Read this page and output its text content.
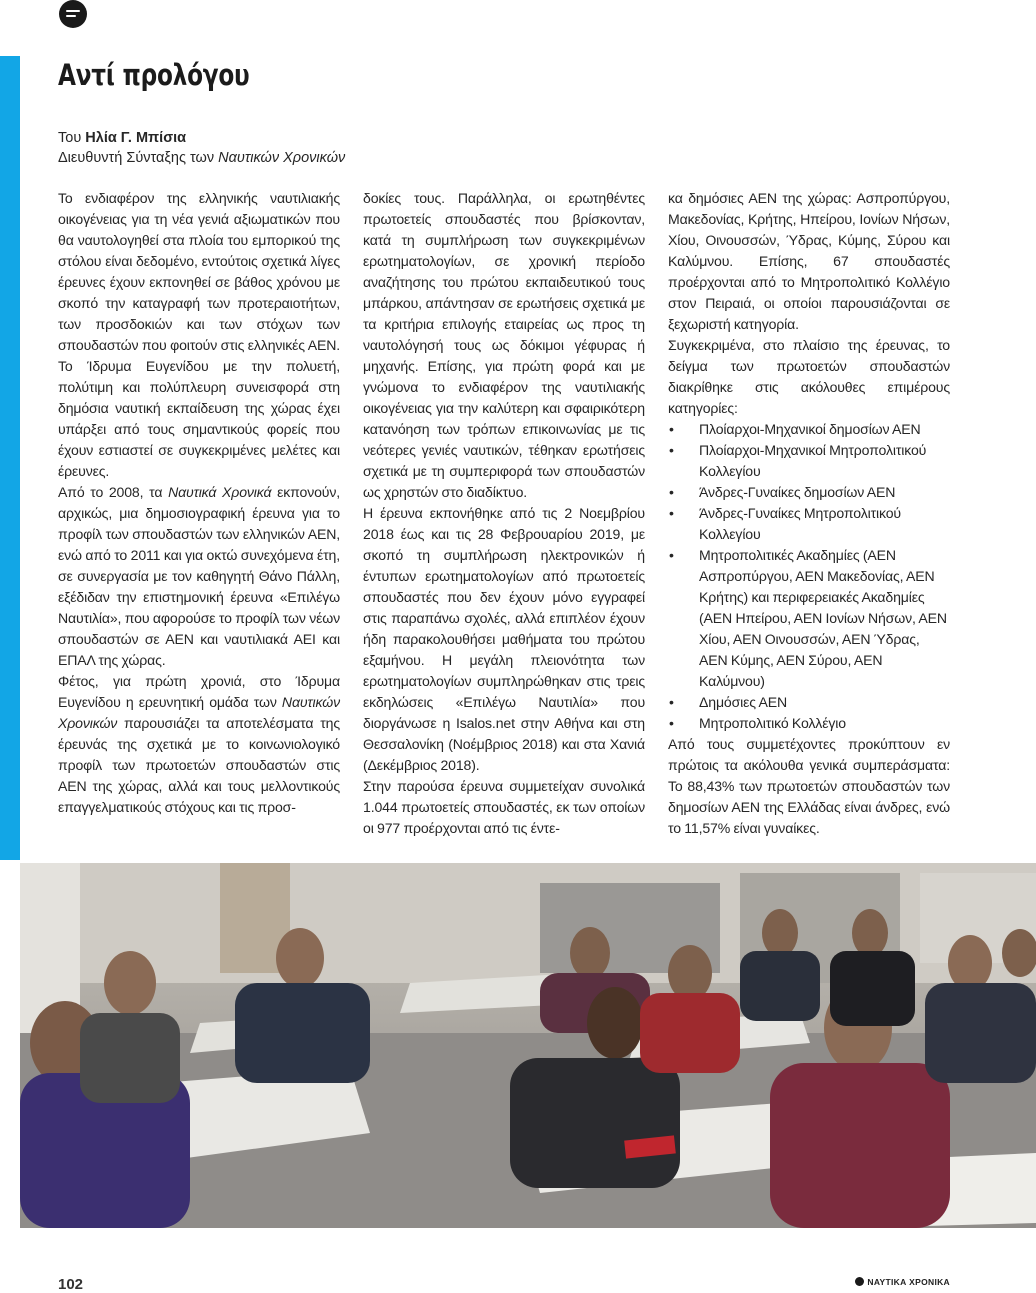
Αντί προλόγου
Του Ηλία Γ. Μπίσια
Διευθυντή Σύνταξης των Ναυτικών Χρονικών

Το ενδιαφέρον της ελληνικής ναυτιλιακής οικογένειας για τη νέα γενιά αξιωματικών που θα ναυτολογηθεί στα πλοία του εμπορικού της στόλου είναι δεδομένο, εντούτοις σχετικά λίγες έρευνες έχουν εκπονηθεί σε βάθος χρόνου με σκοπό την καταγραφή των προτεραιοτήτων, των προσδοκιών και των στόχων των σπουδαστών που φοιτούν στις ελληνικές ΑΕΝ. Το Ίδρυμα Ευγενίδου με την πολυετή, πολύτιμη και πολύπλευρη συνεισφορά στη δημόσια ναυτική εκπαίδευση της χώρας έχει υπάρξει από τους σημαντικούς φορείς που έχουν εστιαστεί σε συγκεκριμένες μελέτες και έρευνες.

Από το 2008, τα Ναυτικά Χρονικά εκπονούν, αρχικώς, μια δημοσιογραφική έρευνα για το προφίλ των σπουδαστών των ελληνικών ΑΕΝ, ενώ από το 2011 και για οκτώ συνεχόμενα έτη, σε συνεργασία με τον καθηγητή Θάνο Πάλλη, εξέδιδαν την επιστημονική έρευνα «Επιλέγω Ναυτιλία», που αφορούσε το προφίλ των νέων σπουδαστών σε ΑΕΝ και ναυτιλιακά ΑΕΙ και ΕΠΑΛ της χώρας.

Φέτος, για πρώτη χρονιά, στο Ίδρυμα Ευγενίδου η ερευνητική ομάδα των Ναυτικών Χρονικών παρουσιάζει τα αποτελέσματα της έρευνάς της σχετικά με το κοινωνιολογικό προφίλ των πρωτοετών σπουδαστών στις ΑΕΝ της χώρας, αλλά και τους μελλοντικούς επαγγελματικούς στόχους και τις προσ-

δοκίες τους. Παράλληλα, οι ερωτηθέντες πρωτοετείς σπουδαστές που βρίσκονταν, κατά τη συμπλήρωση των συγκεκριμένων ερωτηματολογίων, σε χρονική περίοδο αναζήτησης του πρώτου εκπαιδευτικού τους μπάρκου, απάντησαν σε ερωτήσεις σχετικά με τα κριτήρια επιλογής εταιρείας ως προς τη ναυτολόγησή τους ως δόκιμοι γέφυρας ή μηχανής. Επίσης, για πρώτη φορά και με γνώμονα το ενδιαφέρον της ναυτιλιακής οικογένειας για την καλύτερη και σφαιρικότερη κατανόηση των τρόπων επικοινωνίας με τις νεότερες γενιές ναυτικών, τέθηκαν ερωτήσεις σχετικά με τη συμπεριφορά των σπουδαστών ως χρηστών στο διαδίκτυο.

Η έρευνα εκπονήθηκε από τις 2 Νοεμβρίου 2018 έως και τις 28 Φεβρουαρίου 2019, με σκοπό τη συμπλήρωση ηλεκτρονικών ή έντυπων ερωτηματολογίων από πρωτοετείς σπουδαστές που δεν έχουν μόνο εγγραφεί στις παραπάνω σχολές, αλλά επιπλέον έχουν ήδη παρακολουθήσει μαθήματα του πρώτου εξαμήνου. Η μεγάλη πλειονότητα των ερωτηματολογίων συμπληρώθηκαν στις τρεις εκδηλώσεις «Επιλέγω Ναυτιλία» που διοργάνωσε η Isalos.net στην Αθήνα και στη Θεσσαλονίκη (Νοέμβριος 2018) και στα Χανιά (Δεκέμβριος 2018).

Στην παρούσα έρευνα συμμετείχαν συνολικά 1.044 πρωτοετείς σπουδαστές, εκ των οποίων οι 977 προέρχονται από τις έντε-

κα δημόσιες ΑΕΝ της χώρας: Ασπροπύργου, Μακεδονίας, Κρήτης, Ηπείρου, Ιονίων Νήσων, Χίου, Οινουσσών, Ύδρας, Κύμης, Σύρου και Καλύμνου. Επίσης, 67 σπουδαστές προέρχονται από το Μητροπολιτικό Κολλέγιο στον Πειραιά, οι οποίοι παρουσιάζονται σε ξεχωριστή κατηγορία.

Συγκεκριμένα, στο πλαίσιο της έρευνας, το δείγμα των πρωτοετών σπουδαστών διακρίθηκε στις ακόλουθες επιμέρους κατηγορίες:

• Πλοίαρχοι-Μηχανικοί δημοσίων ΑΕΝ
• Πλοίαρχοι-Μηχανικοί Μητροπολιτικού Κολλεγίου
• Άνδρες-Γυναίκες δημοσίων ΑΕΝ
• Άνδρες-Γυναίκες Μητροπολιτικού Κολλεγίου
• Μητροπολιτικές Ακαδημίες (ΑΕΝ Ασπροπύργου, ΑΕΝ Μακεδονίας, ΑΕΝ Κρήτης) και περιφερειακές Ακαδημίες (ΑΕΝ Ηπείρου, ΑΕΝ Ιονίων Νήσων, ΑΕΝ Χίου, ΑΕΝ Οινουσσών, ΑΕΝ Ύδρας, ΑΕΝ Κύμης, ΑΕΝ Σύρου, ΑΕΝ Καλύμνου)
• Δημόσιες ΑΕΝ
• Μητροπολιτικό Κολλέγιο

Από τους συμμετέχοντες προκύπτουν εν πρώτοις τα ακόλουθα γενικά συμπεράσματα: Το 88,43% των πρωτοετών σπουδαστών των δημοσίων ΑΕΝ της Ελλάδας είναι άνδρες, ενώ το 11,57% είναι γυναίκες.

102	ΝΑΥΤΙΚΑ ΧΡΟΝΙΚΑ
